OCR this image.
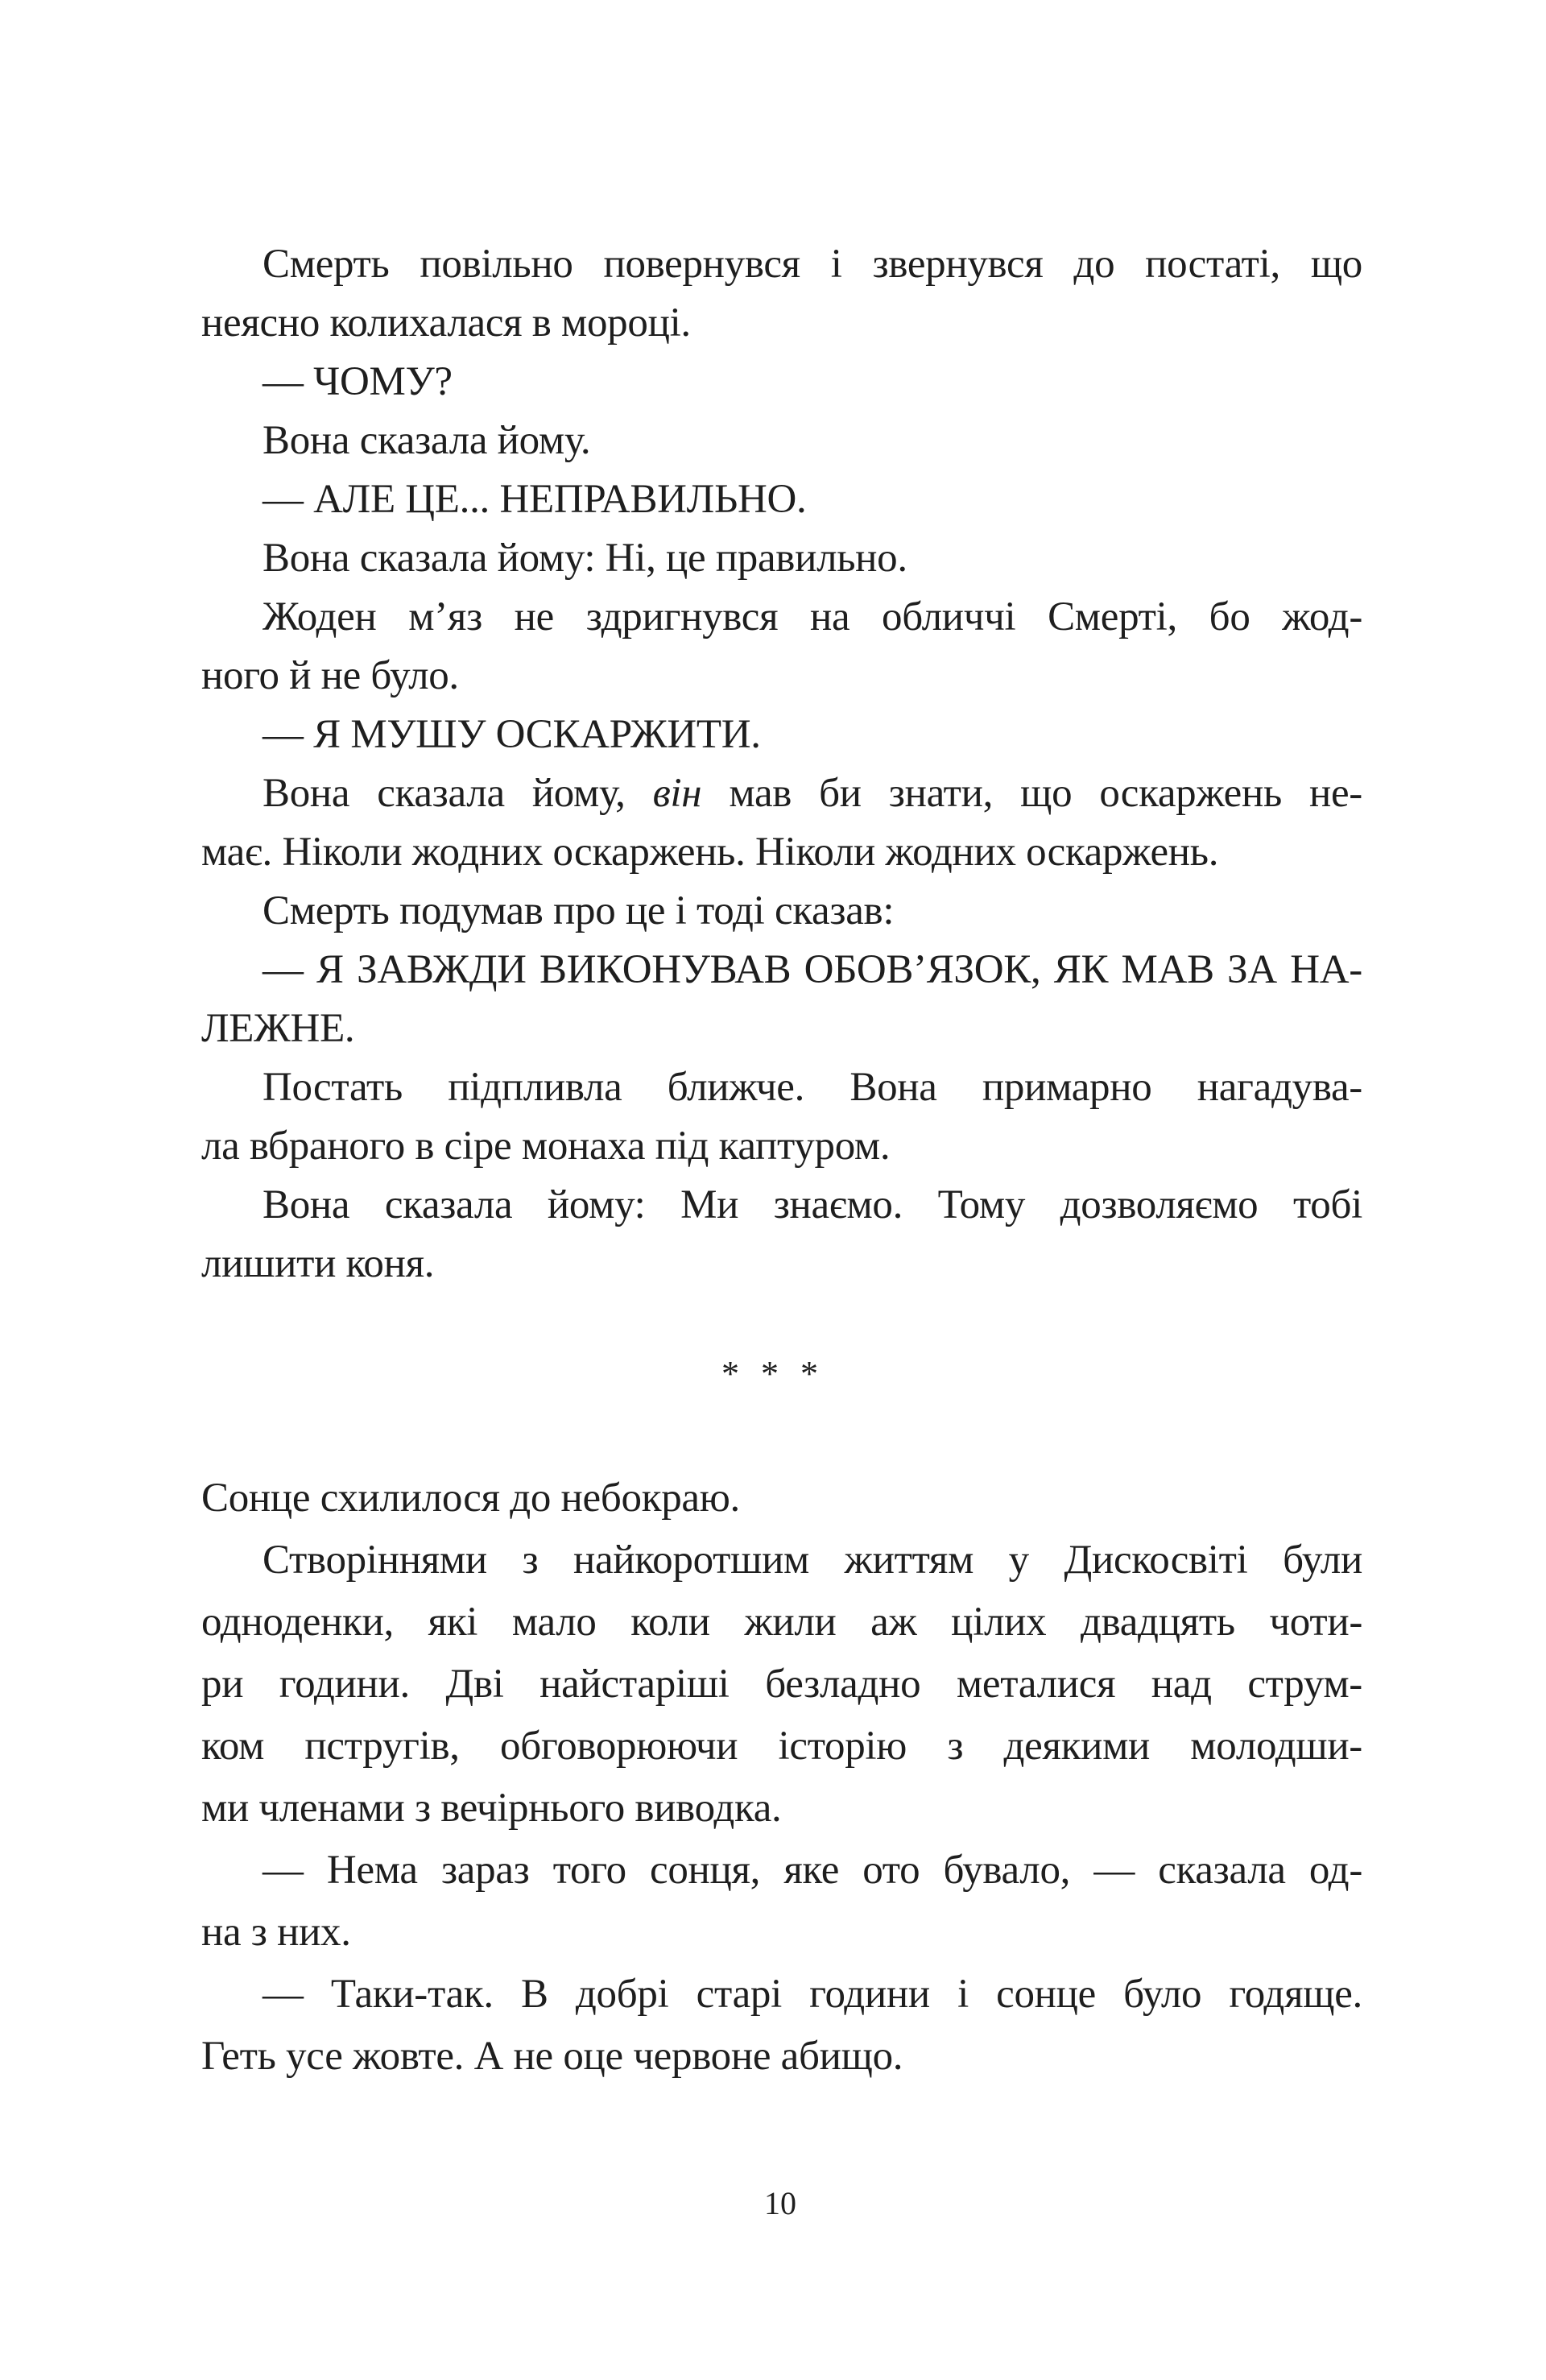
Смерть повільно повернувся і звернувся до постаті, що
неясно колихалася в мороці.
— ЧОМУ?
Вона сказала йому.
— АЛЕ ЦЕ... НЕПРАВИЛЬНО.
Вона сказала йому: Ні, це правильно.
Жоден м’яз не здригнувся на обличчі Смерті, бо жод-
ного й не було.
— Я МУШУ ОСКАРЖИТИ.
Вона сказала йому, він мав би знати, що оскаржень не-
має. Ніколи жодних оскаржень. Ніколи жодних оскаржень.
Смерть подумав про це і тоді сказав:
— Я ЗАВЖДИ ВИКОНУВАВ ОБОВ’ЯЗОК, ЯК МАВ ЗА НА-
ЛЕЖНЕ.
Постать підпливла ближче. Вона примарно нагадува-
ла вбраного в сіре монаха під каптуром.
Вона сказала йому: Ми знаємо. Тому дозволяємо тобі
лишити коня.
* * *
Сонце схилилося до небокраю.
Створіннями з найкоротшим життям у Дискосвіті були
одноденки, які мало коли жили аж цілих двадцять чоти-
ри години. Дві найстаріші безладно металися над струм-
ком пстругів, обговорюючи історію з деякими молодши-
ми членами з вечірнього виводка.
— Нема зараз того сонця, яке ото бувало, — сказала од-
на з них.
— Таки-так. В добрі старі години і сонце було годяще.
Геть усе жовте. А не оце червоне абищо.
10
